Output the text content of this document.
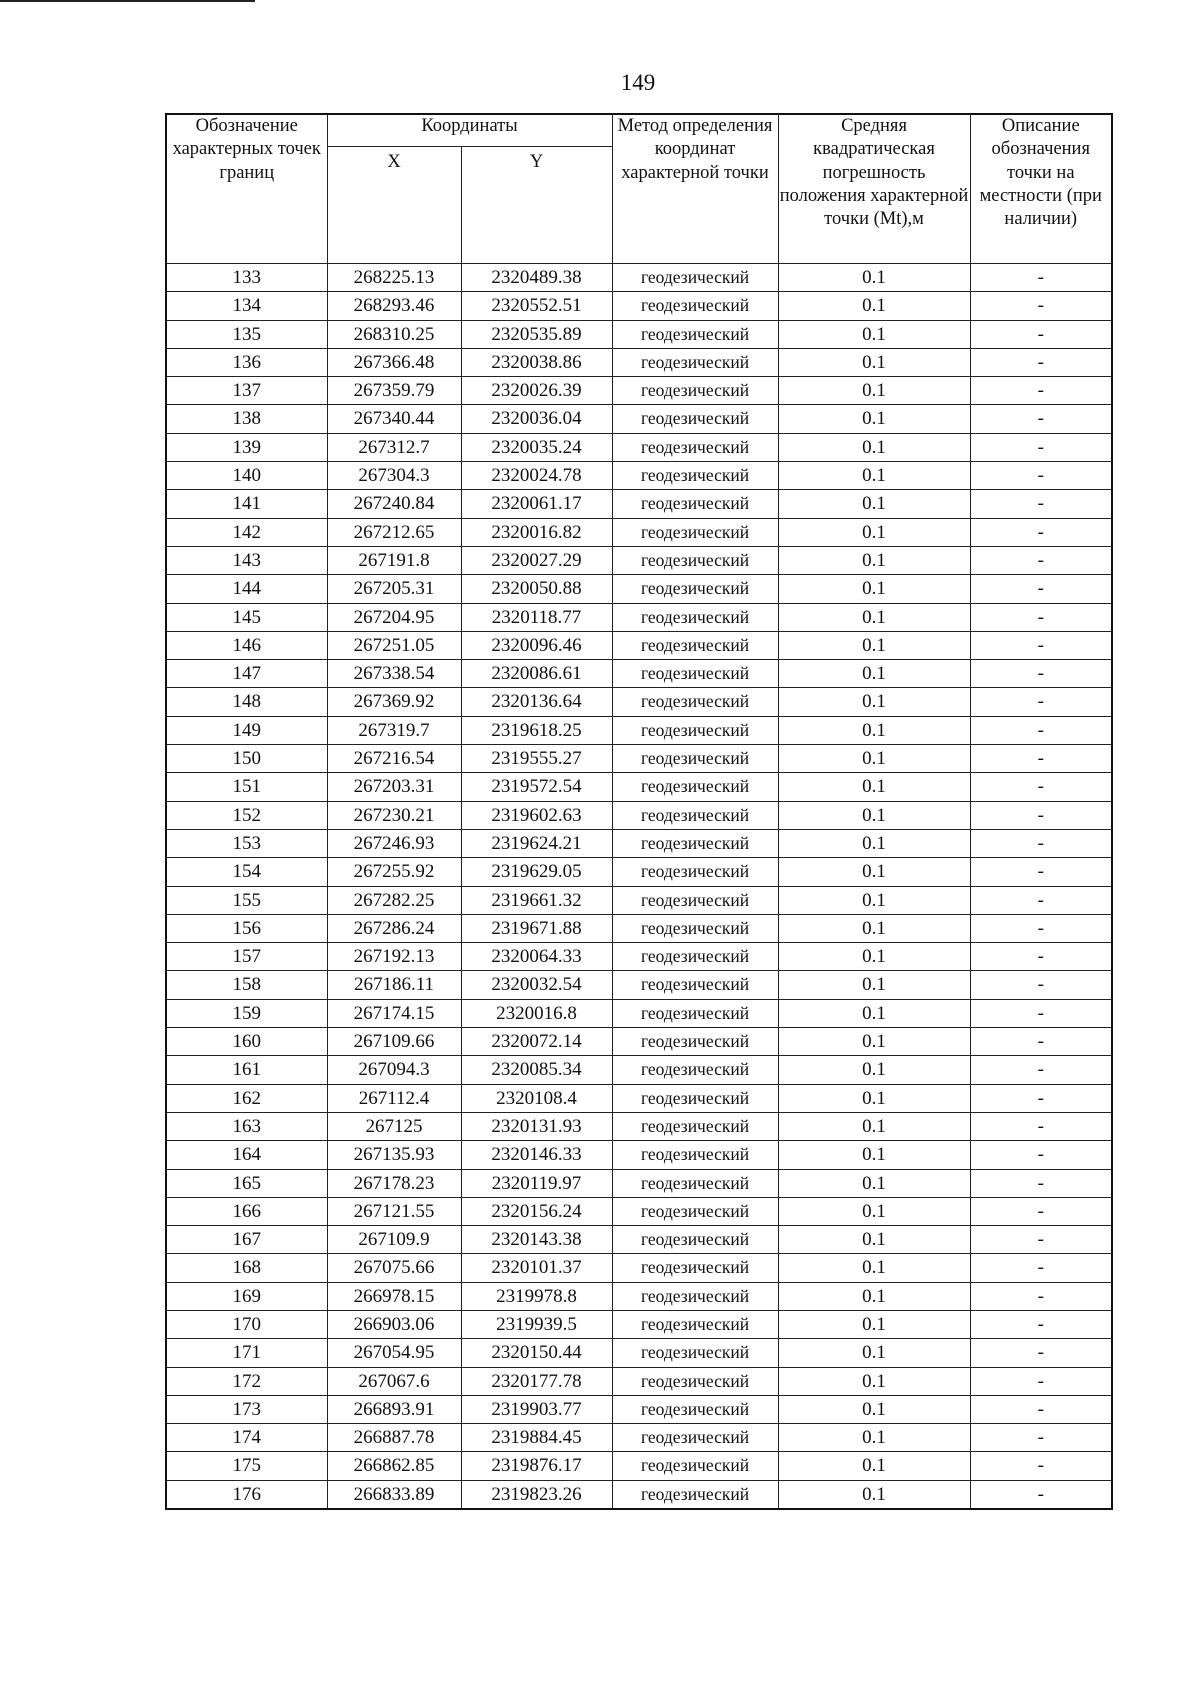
149
Обозначение характерных точек границ	Координаты		Метод определения координат характерной точки	Средняя квадратическая погрешность положения характерной точки (Mt),м	Описание обозначения точки на местности (при наличии)
	X	Y			
133	268225.13	2320489.38	геодезический	0.1	-
134	268293.46	2320552.51	геодезический	0.1	-
135	268310.25	2320535.89	геодезический	0.1	-
136	267366.48	2320038.86	геодезический	0.1	-
137	267359.79	2320026.39	геодезический	0.1	-
138	267340.44	2320036.04	геодезический	0.1	-
139	267312.7	2320035.24	геодезический	0.1	-
140	267304.3	2320024.78	геодезический	0.1	-
141	267240.84	2320061.17	геодезический	0.1	-
142	267212.65	2320016.82	геодезический	0.1	-
143	267191.8	2320027.29	геодезический	0.1	-
144	267205.31	2320050.88	геодезический	0.1	-
145	267204.95	2320118.77	геодезический	0.1	-
146	267251.05	2320096.46	геодезический	0.1	-
147	267338.54	2320086.61	геодезический	0.1	-
148	267369.92	2320136.64	геодезический	0.1	-
149	267319.7	2319618.25	геодезический	0.1	-
150	267216.54	2319555.27	геодезический	0.1	-
151	267203.31	2319572.54	геодезический	0.1	-
152	267230.21	2319602.63	геодезический	0.1	-
153	267246.93	2319624.21	геодезический	0.1	-
154	267255.92	2319629.05	геодезический	0.1	-
155	267282.25	2319661.32	геодезический	0.1	-
156	267286.24	2319671.88	геодезический	0.1	-
157	267192.13	2320064.33	геодезический	0.1	-
158	267186.11	2320032.54	геодезический	0.1	-
159	267174.15	2320016.8	геодезический	0.1	-
160	267109.66	2320072.14	геодезический	0.1	-
161	267094.3	2320085.34	геодезический	0.1	-
162	267112.4	2320108.4	геодезический	0.1	-
163	267125	2320131.93	геодезический	0.1	-
164	267135.93	2320146.33	геодезический	0.1	-
165	267178.23	2320119.97	геодезический	0.1	-
166	267121.55	2320156.24	геодезический	0.1	-
167	267109.9	2320143.38	геодезический	0.1	-
168	267075.66	2320101.37	геодезический	0.1	-
169	266978.15	2319978.8	геодезический	0.1	-
170	266903.06	2319939.5	геодезический	0.1	-
171	267054.95	2320150.44	геодезический	0.1	-
172	267067.6	2320177.78	геодезический	0.1	-
173	266893.91	2319903.77	геодезический	0.1	-
174	266887.78	2319884.45	геодезический	0.1	-
175	266862.85	2319876.17	геодезический	0.1	-
176	266833.89	2319823.26	геодезический	0.1	-
